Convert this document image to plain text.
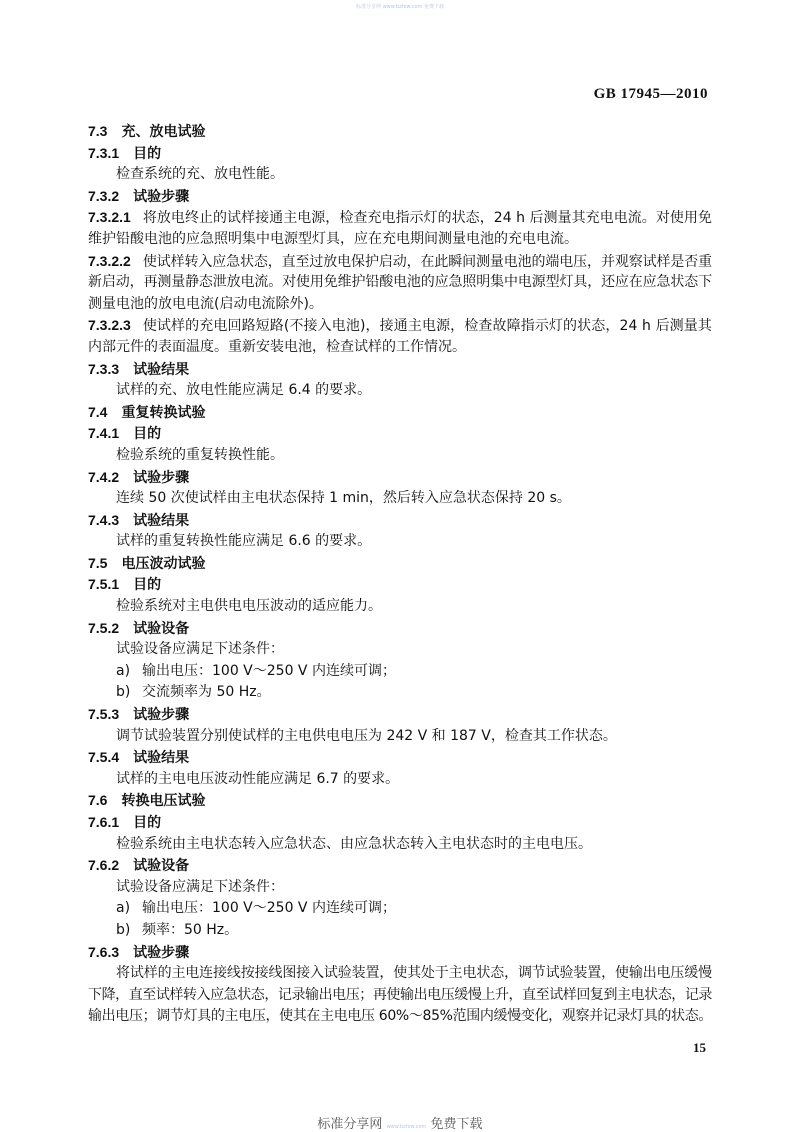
标准分享网 www.bzfxw.com 免费下载
GB 17945—2010
7.3 充、放电试验
7.3.1 目的
检查系统的充、放电性能。
7.3.2 试验步骤
7.3.2.1 将放电终止的试样接通主电源，检查充电指示灯的状态，24 h 后测量其充电电流。对使用免
维护铅酸电池的应急照明集中电源型灯具，应在充电期间测量电池的充电电流。
7.3.2.2 使试样转入应急状态，直至过放电保护启动，在此瞬间测量电池的端电压，并观察试样是否重
新启动，再测量静态泄放电流。对使用免维护铅酸电池的应急照明集中电源型灯具，还应在应急状态下
测量电池的放电电流(启动电流除外)。
7.3.2.3 使试样的充电回路短路(不接入电池)，接通主电源，检查故障指示灯的状态，24 h 后测量其
内部元件的表面温度。重新安装电池，检查试样的工作情况。
7.3.3 试验结果
试样的充、放电性能应满足 6.4 的要求。
7.4 重复转换试验
7.4.1 目的
检验系统的重复转换性能。
7.4.2 试验步骤
连续 50 次使试样由主电状态保持 1 min，然后转入应急状态保持 20 s。
7.4.3 试验结果
试样的重复转换性能应满足 6.6 的要求。
7.5 电压波动试验
7.5.1 目的
检验系统对主电供电电压波动的适应能力。
7.5.2 试验设备
试验设备应满足下述条件：
a) 输出电压：100 V～250 V 内连续可调；
b) 交流频率为 50 Hz。
7.5.3 试验步骤
调节试验装置分别使试样的主电供电电压为 242 V 和 187 V，检查其工作状态。
7.5.4 试验结果
试样的主电电压波动性能应满足 6.7 的要求。
7.6 转换电压试验
7.6.1 目的
检验系统由主电状态转入应急状态、由应急状态转入主电状态时的主电电压。
7.6.2 试验设备
试验设备应满足下述条件：
a) 输出电压：100 V～250 V 内连续可调；
b) 频率：50 Hz。
7.6.3 试验步骤
将试样的主电连接线按接线图接入试验装置，使其处于主电状态，调节试验装置，使输出电压缓慢
下降，直至试样转入应急状态，记录输出电压；再使输出电压缓慢上升，直至试样回复到主电状态，记录
输出电压；调节灯具的主电压，使其在主电电压 60%～85%范围内缓慢变化，观察并记录灯具的状态。
15
标准分享网 www.bzfxw.com 免费下载
